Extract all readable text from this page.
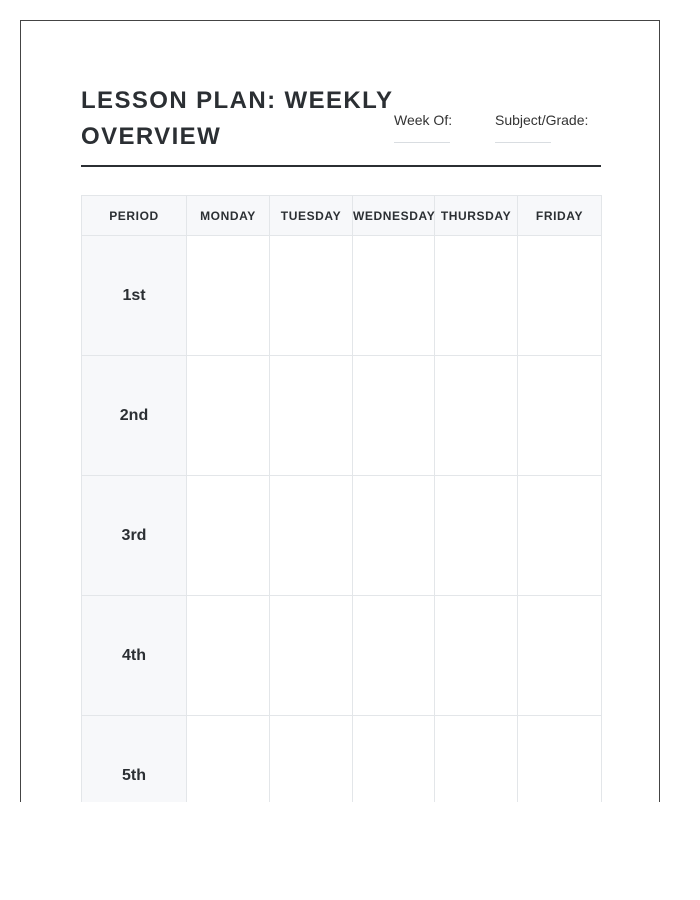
LESSON PLAN: WEEKLY OVERVIEW
Week Of:	Subject/Grade:
PERIOD	MONDAY	TUESDAY	WEDNESDAY	THURSDAY	FRIDAY
1st					
2nd					
3rd					
4th					
5th					
